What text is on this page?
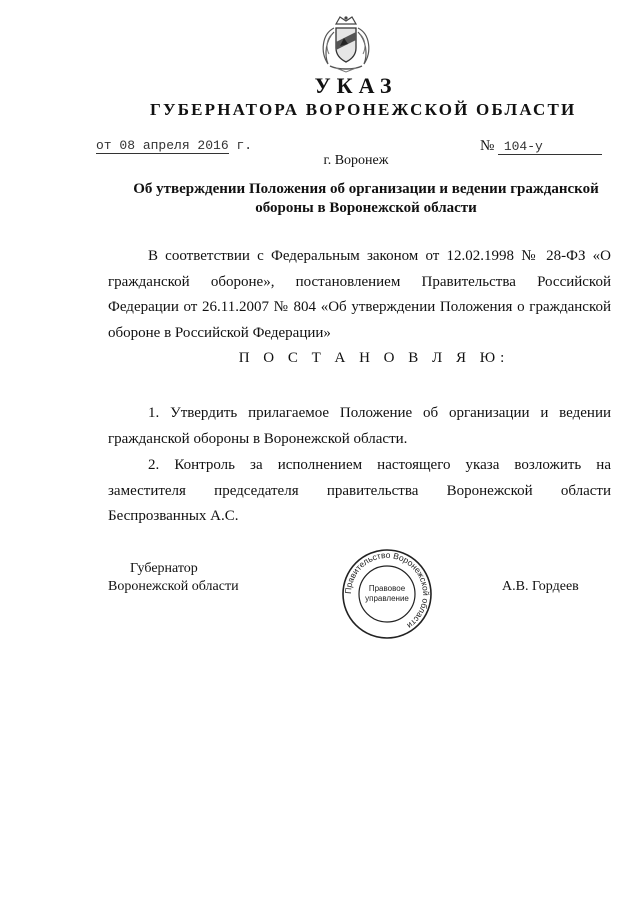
УКАЗ
ГУБЕРНАТОРА ВОРОНЕЖСКОЙ ОБЛАСТИ
от 08 апреля 2016 г.	№ 104-у
г. Воронеж
Об утверждении Положения об организации и ведении гражданской обороны в Воронежской области
В соответствии с Федеральным законом от 12.02.1998 № 28-ФЗ «О гражданской обороне», постановлением Правительства Российской Федерации от 26.11.2007 № 804 «Об утверждении Положения о гражданской обороне в Российской Федерации»
П О С Т А Н О В Л Я Ю:
1. Утвердить прилагаемое Положение об организации и ведении гражданской обороны в Воронежской области.
2. Контроль за исполнением настоящего указа возложить на заместителя председателя правительства Воронежской области Беспрозванных А.С.
Губернатор
Воронежской области	Правительство Воронежской области
Правовое
управление
А.В. Гордеев
